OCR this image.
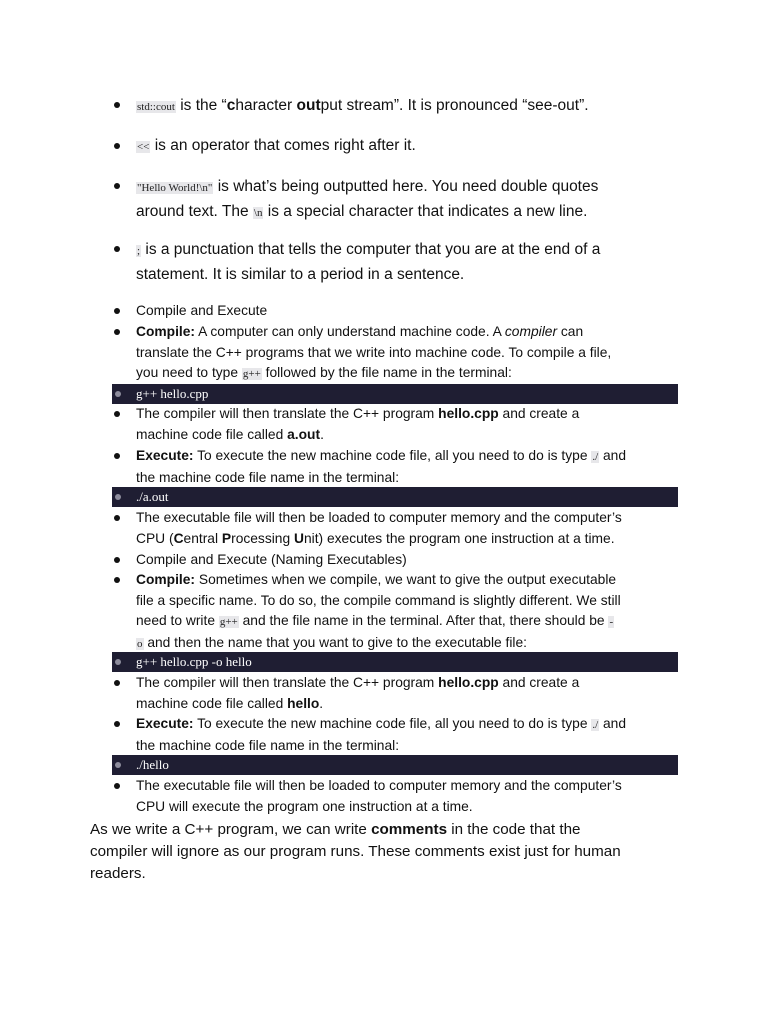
std::cout is the “character output stream”. It is pronounced “see-out”.
<< is an operator that comes right after it.
"Hello World!\n" is what’s being outputted here. You need double quotes
around text. The \n is a special character that indicates a new line.
; is a punctuation that tells the computer that you are at the end of a
statement. It is similar to a period in a sentence.
Compile and Execute
Compile: A computer can only understand machine code. A compiler can
translate the C++ programs that we write into machine code. To compile a file,
you need to type g++ followed by the file name in the terminal:
g++ hello.cpp
The compiler will then translate the C++ program hello.cpp and create a
machine code file called a.out.
Execute: To execute the new machine code file, all you need to do is type ./ and
the machine code file name in the terminal:
./a.out
The executable file will then be loaded to computer memory and the computer’s
CPU (Central Processing Unit) executes the program one instruction at a time.
Compile and Execute (Naming Executables)
Compile: Sometimes when we compile, we want to give the output executable
file a specific name. To do so, the compile command is slightly different. We still
need to write g++ and the file name in the terminal. After that, there should be -
o and then the name that you want to give to the executable file:
g++ hello.cpp -o hello
The compiler will then translate the C++ program hello.cpp and create a
machine code file called hello.
Execute: To execute the new machine code file, all you need to do is type ./ and
the machine code file name in the terminal:
./hello
The executable file will then be loaded to computer memory and the computer’s
CPU will execute the program one instruction at a time.
As we write a C++ program, we can write comments in the code that the
compiler will ignore as our program runs. These comments exist just for human
readers.
